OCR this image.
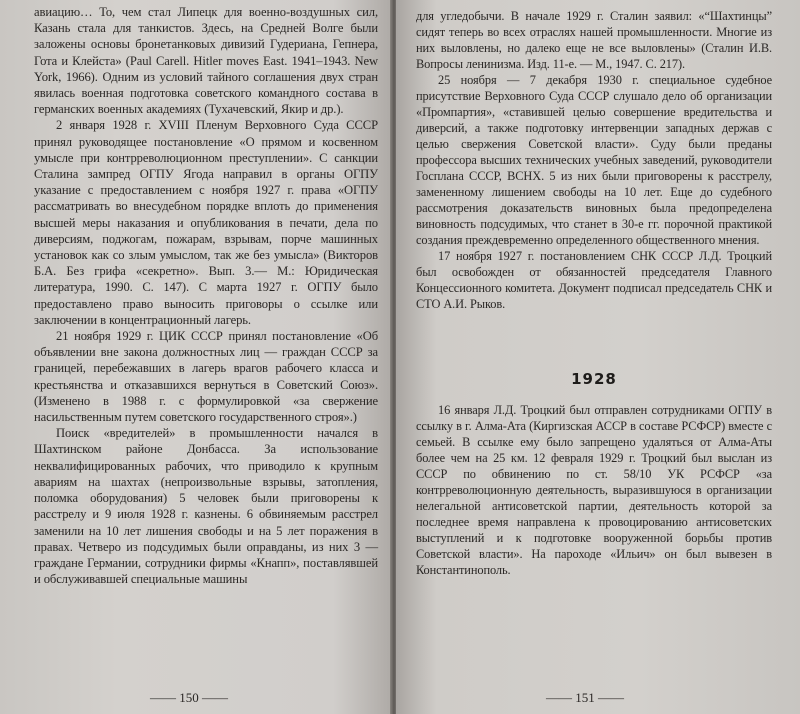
авиацию… То, чем стал Липецк для военно-воздушных сил, Казань стала для танкистов. Здесь, на Средней Волге были заложены основы бронетанковых дивизий Гудериана, Гепнера, Гота и Клейста» (Paul Carell. Hitler moves East. 1941–1943. New York, 1966). Одним из условий тайного соглашения двух стран явилась военная подготовка советского командного состава в германских военных академиях (Тухачевский, Якир и др.).

2 января 1928 г. XVIII Пленум Верховного Суда СССР принял руководящее постановление «О прямом и косвенном умысле при контрреволюционном преступлении». С санкции Сталина зампред ОГПУ Ягода направил в органы ОГПУ указание с предоставлением с ноября 1927 г. права «ОГПУ рассматривать во внесудебном порядке вплоть до применения высшей меры наказания и опубликования в печати, дела по диверсиям, поджогам, пожарам, взрывам, порче машинных установок как со злым умыслом, так же без умысла» (Викторов Б.А. Без грифа «секретно». Вып. 3.— М.: Юридическая литература, 1990. С. 147). С марта 1927 г. ОГПУ было предоставлено право выносить приговоры о ссылке или заключении в концентрационный лагерь.

21 ноября 1929 г. ЦИК СССР принял постановление «Об объявлении вне закона должностных лиц — граждан СССР за границей, перебежавших в лагерь врагов рабочего класса и крестьянства и отказавшихся вернуться в Советский Союз». (Изменено в 1988 г. с формулировкой «за свержение насильственным путем советского государственного строя».)

Поиск «вредителей» в промышленности начался в Шахтинском районе Донбасса. За использование неквалифицированных рабочих, что приводило к крупным авариям на шахтах (непроизвольные взрывы, затопления, поломка оборудования) 5 человек были приговорены к расстрелу и 9 июля 1928 г. казнены. 6 обвиняемым расстрел заменили на 10 лет лишения свободы и на 5 лет поражения в правах. Четверо из подсудимых были оправданы, из них 3 — граждане Германии, сотрудники фирмы «Кнапп», поставлявшей и обслуживавшей специальные машины

—— 150 ——

для угледобычи. В начале 1929 г. Сталин заявил: «“Шахтинцы” сидят теперь во всех отраслях нашей промышленности. Многие из них выловлены, но далеко еще не все выловлены» (Сталин И.В. Вопросы ленинизма. Изд. 11-е. — М., 1947. С. 217).

25 ноября — 7 декабря 1930 г. специальное судебное присутствие Верховного Суда СССР слушало дело об организации «Промпартия», «ставившей целью совершение вредительства и диверсий, а также подготовку интервенции западных держав с целью свержения Советской власти». Суду были преданы профессора высших технических учебных заведений, руководители Госплана СССР, ВСНХ. 5 из них были приговорены к расстрелу, замененному лишением свободы на 10 лет. Еще до судебного рассмотрения доказательств виновных была предопределена виновность подсудимых, что станет в 30-е гг. порочной практикой создания преждевременно определенного общественного мнения.

17 ноября 1927 г. постановлением СНК СССР Л.Д. Троцкий был освобожден от обязанностей председателя Главного Концессионного комитета. Документ подписал председатель СНК и СТО А.И. Рыков.

1928

16 января Л.Д. Троцкий был отправлен сотрудниками ОГПУ в ссылку в г. Алма-Ата (Киргизская АССР в составе РСФСР) вместе с семьей. В ссылке ему было запрещено удаляться от Алма-Аты более чем на 25 км. 12 февраля 1929 г. Троцкий был выслан из СССР по обвинению по ст. 58/10 УК РСФСР «за контрреволюционную деятельность, выразившуюся в организации нелегальной антисоветской партии, деятельность которой за последнее время направлена к провоцированию антисоветских выступлений и к подготовке вооруженной борьбы против Советской власти». На пароходе «Ильич» он был вывезен в Константинополь.

—— 151 ——
